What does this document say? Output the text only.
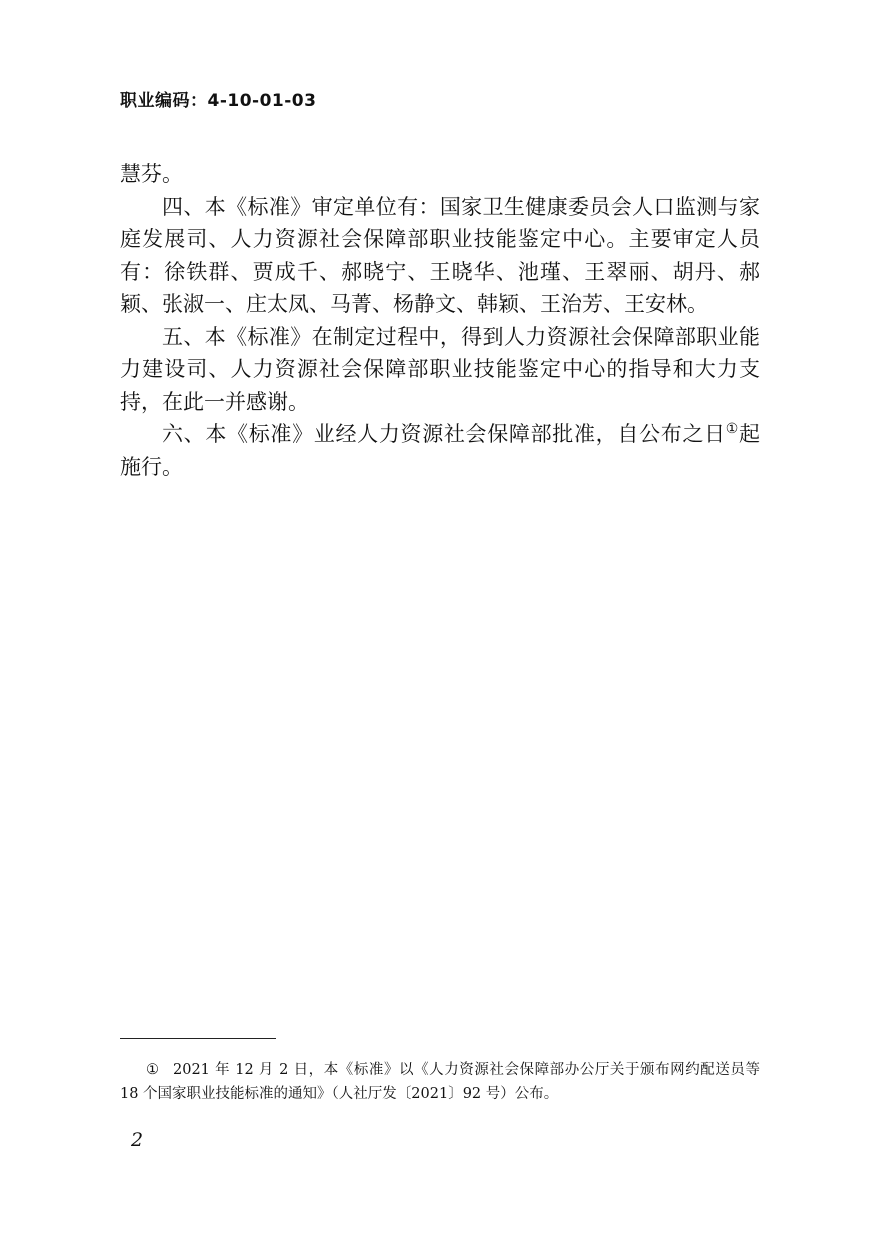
职业编码：4-10-01-03

慧芬。

四、本《标准》审定单位有：国家卫生健康委员会人口监测与家庭发展司、人力资源社会保障部职业技能鉴定中心。主要审定人员有：徐铁群、贾成千、郝晓宁、王晓华、池瑾、王翠丽、胡丹、郝颖、张淑一、庄太凤、马菁、杨静文、韩颖、王治芳、王安林。

五、本《标准》在制定过程中，得到人力资源社会保障部职业能力建设司、人力资源社会保障部职业技能鉴定中心的指导和大力支持，在此一并感谢。

六、本《标准》业经人力资源社会保障部批准，自公布之日①起施行。

① 2021 年 12 月 2 日，本《标准》以《人力资源社会保障部办公厅关于颁布网约配送员等 18 个国家职业技能标准的通知》（人社厅发〔2021〕92 号）公布。
2
